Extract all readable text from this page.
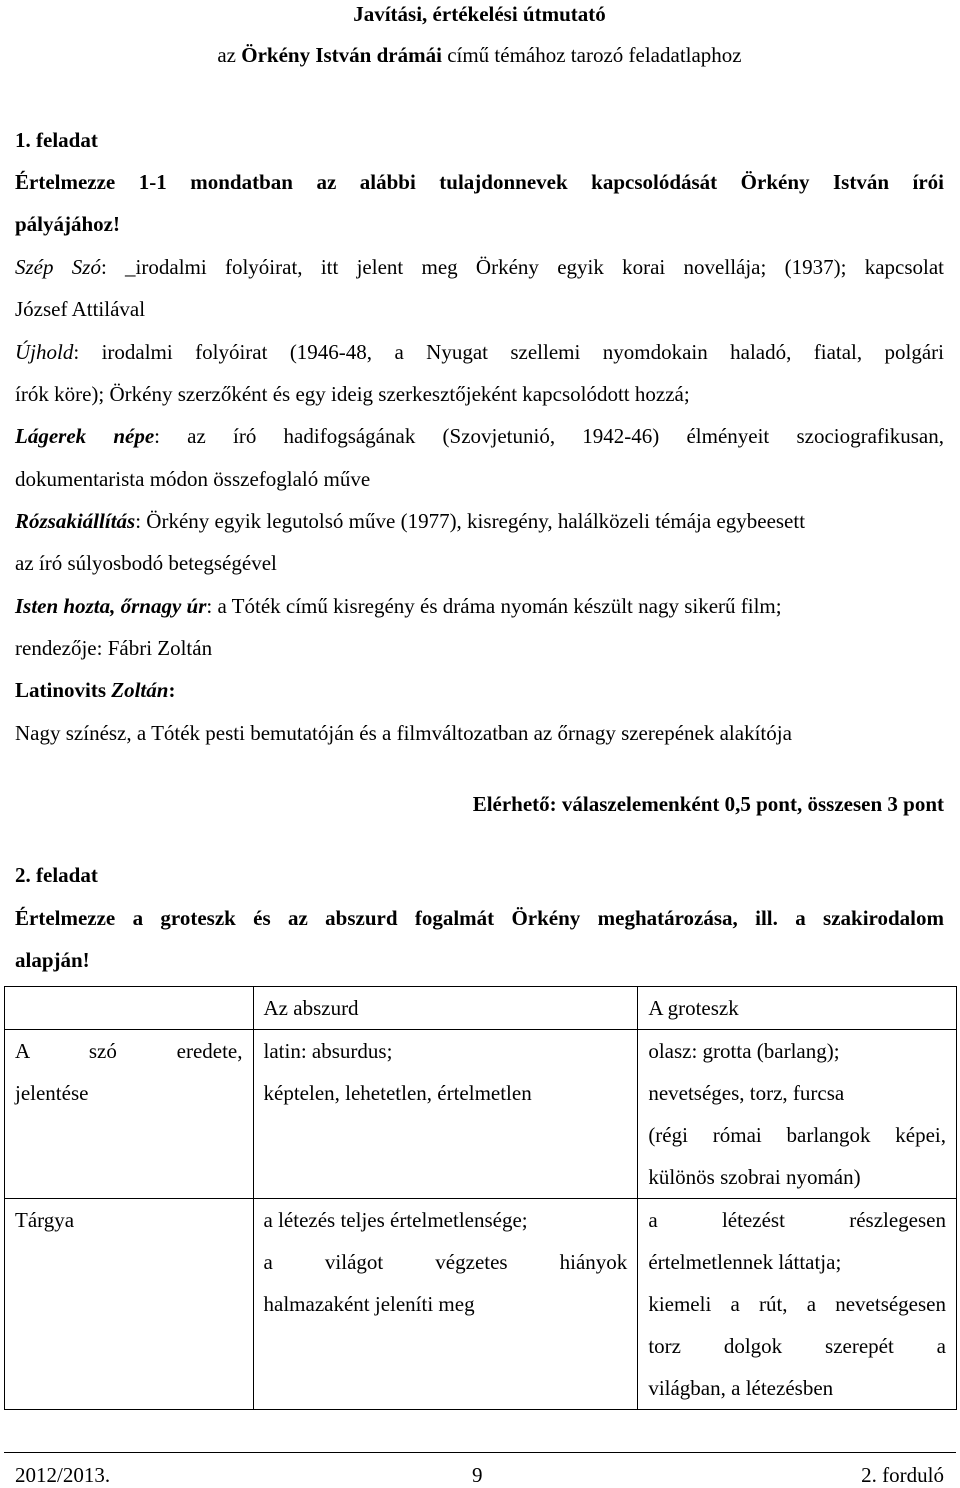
Javítási, értékelési útmutató
az Örkény István drámái című témához tarozó feladatlaphoz
1. feladat
Értelmezze 1-1 mondatban az alábbi tulajdonnevek kapcsolódását Örkény István írói
pályájához!
Szép Szó: _irodalmi folyóirat, itt jelent meg Örkény egyik korai novellája; (1937); kapcsolat
József Attilával
Újhold: irodalmi folyóirat (1946-48, a Nyugat szellemi nyomdokain haladó, fiatal, polgári
írók köre); Örkény szerzőként és egy ideig szerkesztőjeként kapcsolódott hozzá;
Lágerek népe: az író hadifogságának (Szovjetunió, 1942-46) élményeit szociografikusan,
dokumentarista módon összefoglaló műve
Rózsakiállítás: Örkény egyik legutolsó műve (1977), kisregény, halálközeli témája egybeesett
az író súlyosbodó betegségével
Isten hozta, őrnagy úr: a Tóték című kisregény és dráma nyomán készült nagy sikerű film;
rendezője: Fábri Zoltán
Latinovits Zoltán:
Nagy színész, a Tóték pesti bemutatóján és a filmváltozatban az őrnagy szerepének alakítója
Elérhető: válaszelemenként 0,5 pont, összesen 3 pont
2. feladat
Értelmezze a groteszk és az abszurd fogalmát Örkény meghatározása, ill. a szakirodalom
alapján!

	Az abszurd	A groteszk

A szó eredete,
jelentése	latin: absurdus;
képtelen, lehetetlen, értelmetlen	olasz: grotta (barlang);
nevetséges, torz, furcsa
(régi római barlangok képei,
különös szobrai nyomán)

Tárgya	a létezés teljes értelmetlensége;
a világot végzetes hiányok
halmazaként jeleníti meg	a létezést részlegesen
értelmetlennek láttatja;
kiemeli a rút, a nevetségesen
torz dolgok szerepét a
világban, a létezésben
2012/2013.	9	2. forduló
